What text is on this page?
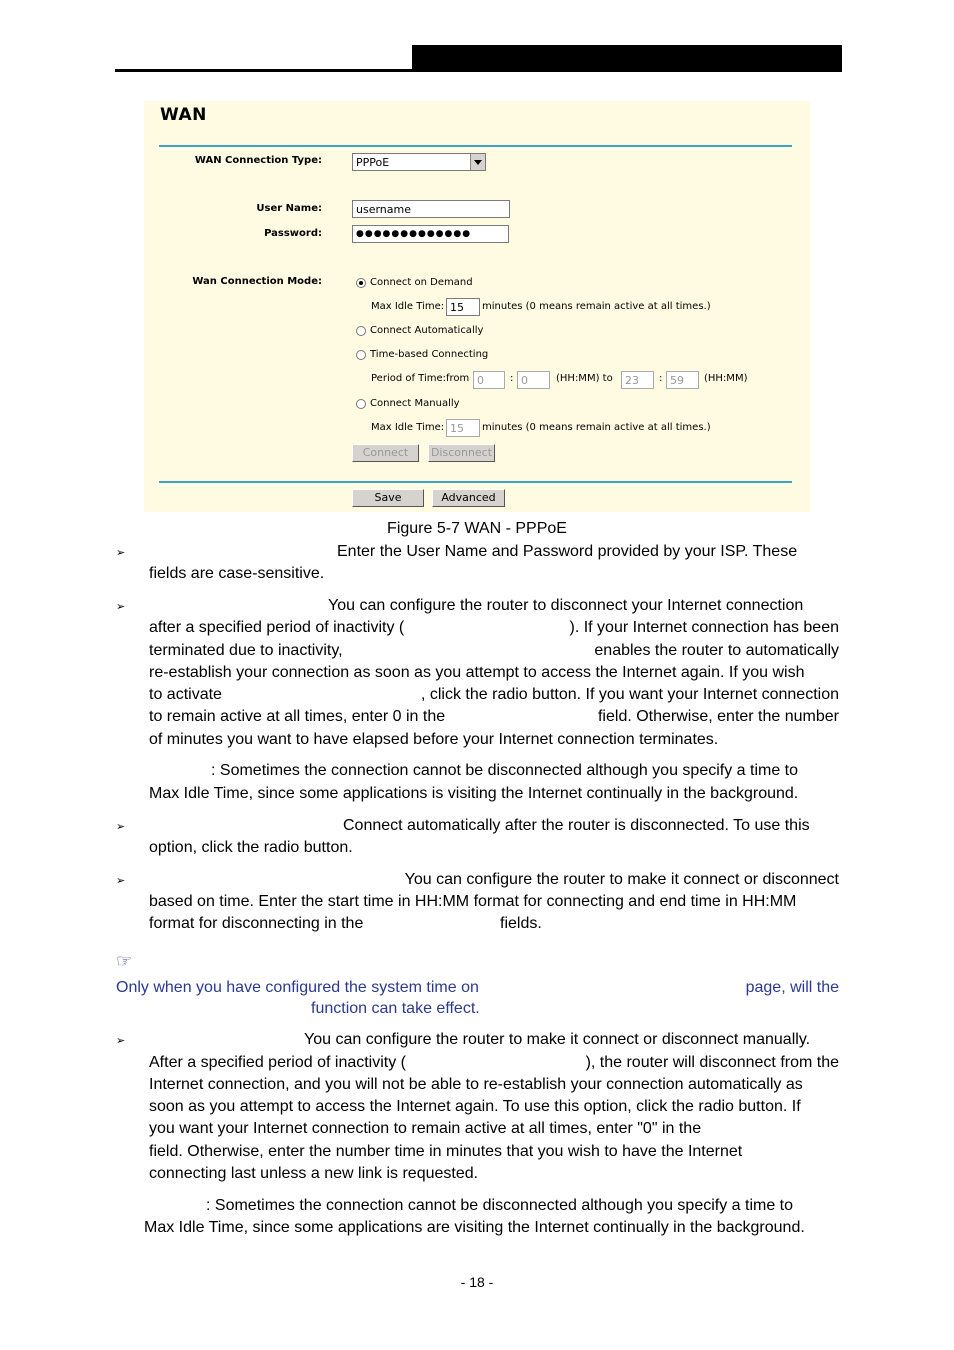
WAN
WAN Connection Type:	PPPoE
User Name:	username
Password:	●●●●●●●●●●●●●
Wan Connection Mode:	Connect on Demand
Max Idle Time: 15	minutes (0 means remain active at all times.)
Connect Automatically
Time-based Connecting
Period of Time:from 0	: 0	(HH:MM) to	23	: 59	(HH:MM)
Connect Manually
Max Idle Time: 15	minutes (0 means remain active at all times.)
Connect	Disconnect
Save	Advanced
Figure 5-7 WAN - PPPoE
➢	Enter the User Name and Password provided by your ISP. These
fields are case-sensitive.
➢	You can configure the router to disconnect your Internet connection
after a specified period of inactivity (	). If your Internet connection has been
terminated due to inactivity,	enables the router to automatically
re-establish your connection as soon as you attempt to access the Internet again. If you wish
to activate	, click the radio button. If you want your Internet connection
to remain active at all times, enter 0 in the	field. Otherwise, enter the number
of minutes you want to have elapsed before your Internet connection terminates.
: Sometimes the connection cannot be disconnected although you specify a time to
Max Idle Time, since some applications is visiting the Internet continually in the background.
➢	Connect automatically after the router is disconnected. To use this
option, click the radio button.
➢	You can configure the router to make it connect or disconnect
based on time. Enter the start time in HH:MM format for connecting and end time in HH:MM
format for disconnecting in the	fields.
☞
Only when you have configured the system time on	page, will the
function can take effect.
➢	You can configure the router to make it connect or disconnect manually.
After a specified period of inactivity (	), the router will disconnect from the
Internet connection, and you will not be able to re-establish your connection automatically as
soon as you attempt to access the Internet again. To use this option, click the radio button. If
you want your Internet connection to remain active at all times, enter "0" in the
field. Otherwise, enter the number time in minutes that you wish to have the Internet
connecting last unless a new link is requested.
: Sometimes the connection cannot be disconnected although you specify a time to
Max Idle Time, since some applications are visiting the Internet continually in the background.
- 18 -
